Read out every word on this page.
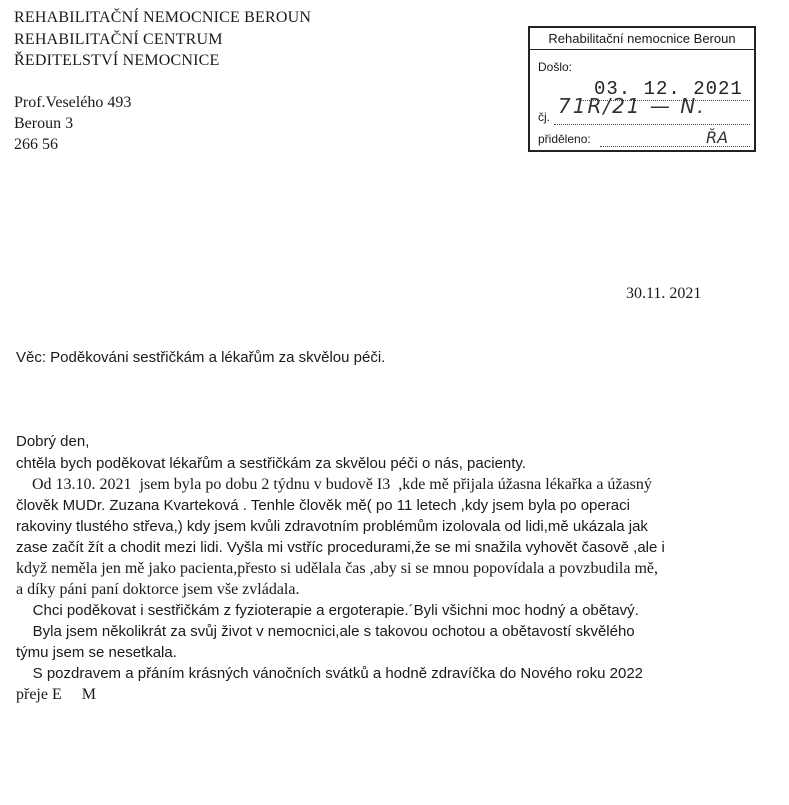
REHABILITAČNÍ NEMOCNICE BEROUN
REHABILITAČNÍ CENTRUM
ŘEDITELSTVÍ NEMOCNICE
Prof.Veselého 493
Beroun 3
266 56
Rehabilitační nemocnice Beroun
Došlo:
03. 12. 2021
čj. 71R/21 — N.
přiděleno:	ŘA
30.11. 2021
Věc: Poděkováni sestřičkám a lékařům za skvělou péči.
Dobrý den,
chtěla bych poděkovat lékařům a sestřičkám za skvělou péči o nás, pacienty.
Od 13.10. 2021  jsem byla po dobu 2 týdnu v budově I3  ,kde mě přijala úžasna lékařka a úžasný
člověk MUDr. Zuzana Kvarteková . Tenhle člověk mě( po 11 letech ,kdy jsem byla po operaci
rakoviny tlustého střeva,) kdy jsem kvůli zdravotním problémům izolovala od lidi,mě ukázala jak
zase začít žít a chodit mezi lidi. Vyšla mi vstříc procedurami,že se mi snažila vyhovět časově ,ale i
když neměla jen mě jako pacienta,přesto si udělala čas ,aby si se mnou popovídala a povzbudila mě,
a díky páni paní doktorce jsem vše zvládala.
Chci poděkovat i sestřičkám z fyzioterapie a ergoterapie.´Byli všichni moc hodný a obětavý.
Byla jsem několikrát za svůj život v nemocnici,ale s takovou ochotou a obětavostí skvělého
týmu jsem se nesetkala.
S pozdravem a přáním krásných vánočních svátků a hodně zdravíčka do Nového roku 2022
přeje E     M
